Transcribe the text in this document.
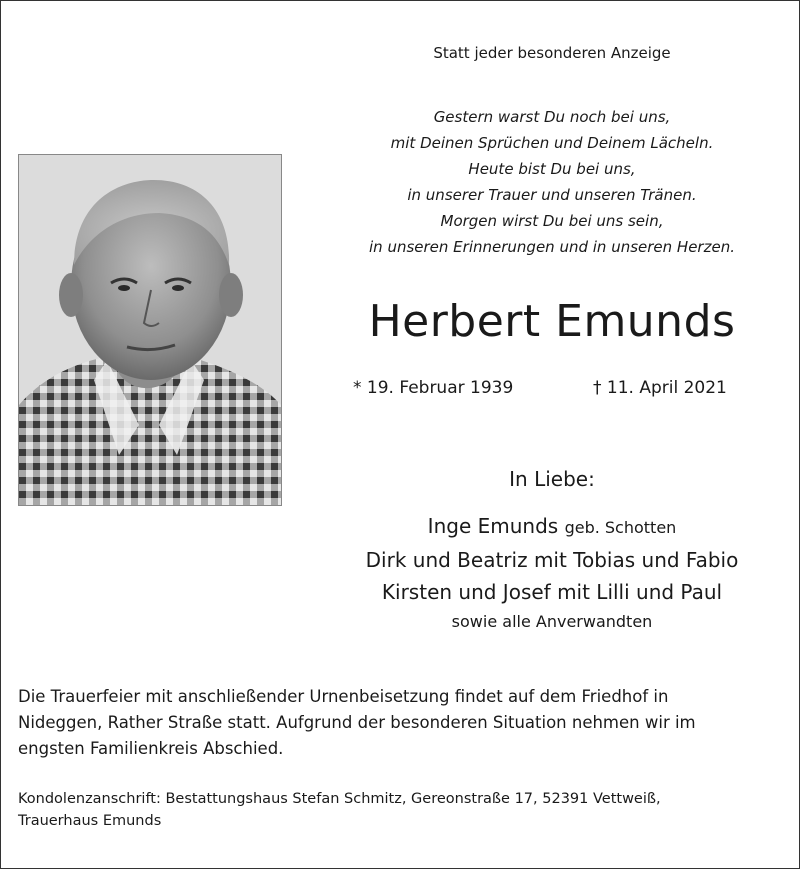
Statt jeder besonderen Anzeige
Gestern warst Du noch bei uns,
mit Deinen Sprüchen und Deinem Lächeln.
Heute bist Du bei uns,
in unserer Trauer und unseren Tränen.
Morgen wirst Du bei uns sein,
in unseren Erinnerungen und in unseren Herzen.
Herbert Emunds
* 19. Februar 1939	† 11. April 2021
In Liebe:
Inge Emunds geb. Schotten
Dirk und Beatriz mit Tobias und Fabio
Kirsten und Josef mit Lilli und Paul
sowie alle Anverwandten
Die Trauerfeier mit anschließender Urnenbeisetzung findet auf dem Friedhof in
Nideggen, Rather Straße statt. Aufgrund der besonderen Situation nehmen wir im
engsten Familienkreis Abschied.
Kondolenzanschrift: Bestattungshaus Stefan Schmitz, Gereonstraße 17, 52391 Vettweiß,
Trauerhaus Emunds
